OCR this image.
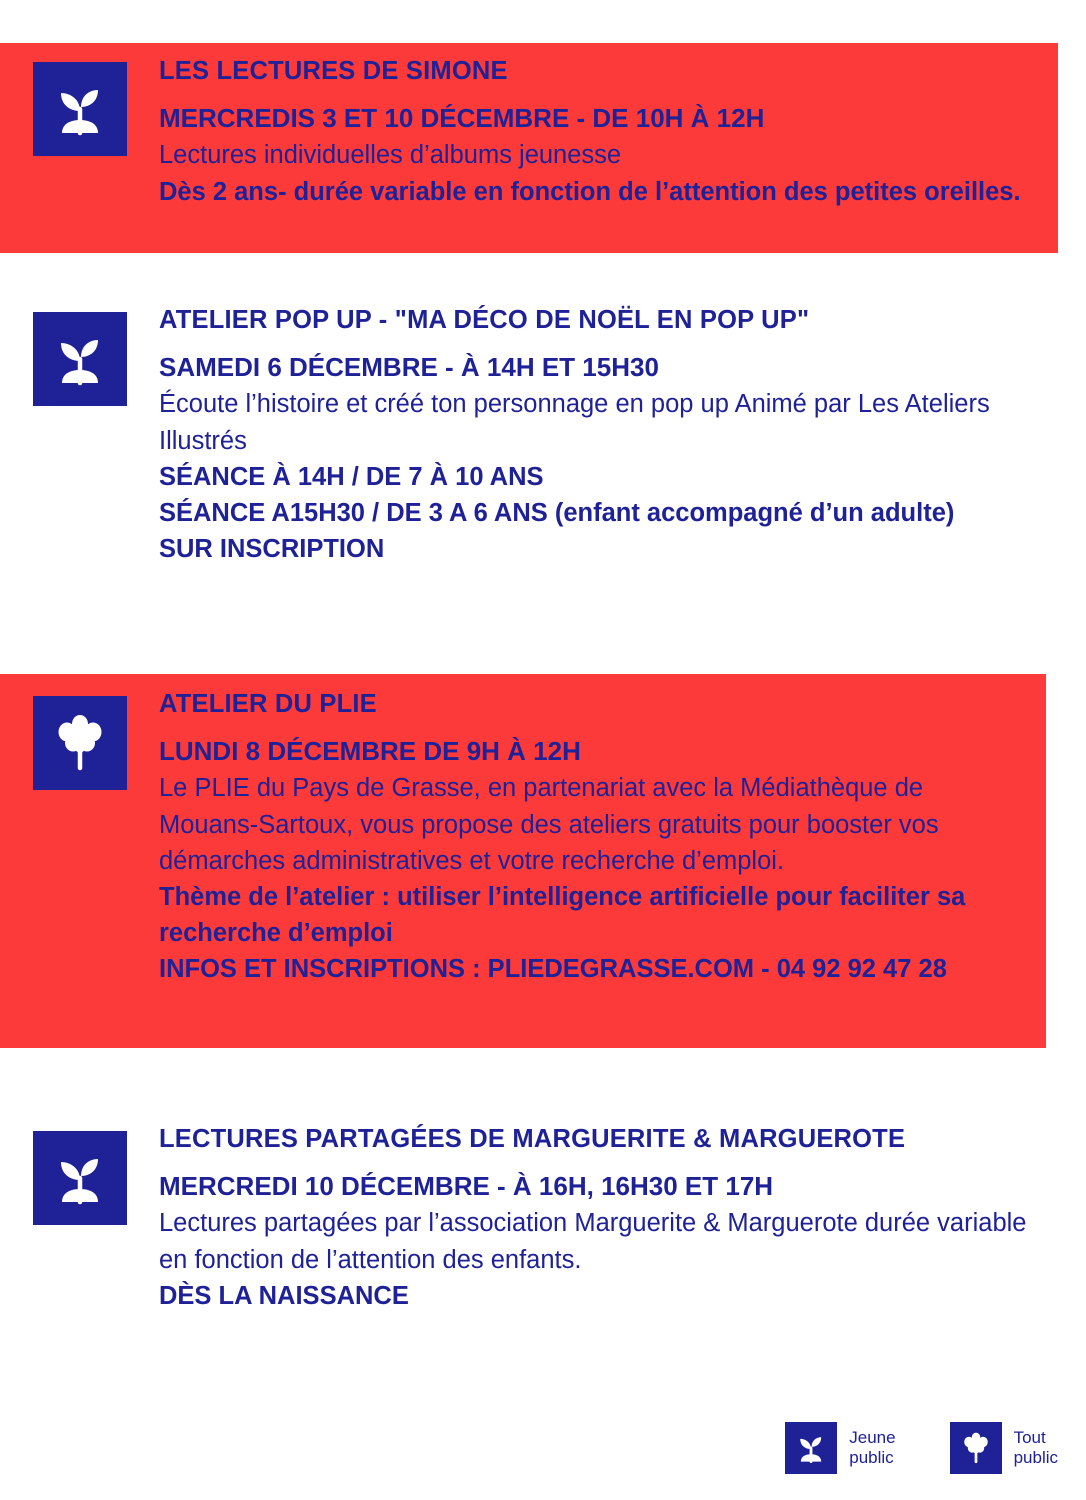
LES LECTURES DE SIMONE
MERCREDIS 3 ET 10 DÉCEMBRE - DE 10H À 12H
Lectures individuelles d’albums jeunesse
Dès 2 ans- durée variable en fonction de l’attention des petites oreilles.
ATELIER POP UP - "MA DÉCO DE NOËL EN POP UP"
SAMEDI 6 DÉCEMBRE - À 14H ET 15H30
Écoute l’histoire et créé ton personnage en pop up Animé par Les Ateliers Illustrés
SÉANCE À 14H / DE 7 À 10 ANS
SÉANCE A15H30 / DE 3 A 6 ANS (enfant accompagné d’un adulte)
SUR INSCRIPTION
ATELIER DU PLIE
LUNDI 8 DÉCEMBRE DE 9H À 12H
Le PLIE du Pays de Grasse, en partenariat avec la Médiathèque de Mouans-Sartoux, vous propose des ateliers gratuits pour booster vos démarches administratives et votre recherche d’emploi.
Thème de l’atelier : utiliser l’intelligence artificielle pour faciliter sa recherche d’emploi
INFOS ET INSCRIPTIONS : PLIEDEGRASSE.COM - 04 92 92 47 28
LECTURES PARTAGÉES DE MARGUERITE & MARGUEROTE
MERCREDI 10 DÉCEMBRE - À 16H, 16H30 ET 17H
Lectures partagées par l’association Marguerite & Marguerote durée variable en fonction de l’attention des enfants.
DÈS LA NAISSANCE
Jeune
public
Tout
public
